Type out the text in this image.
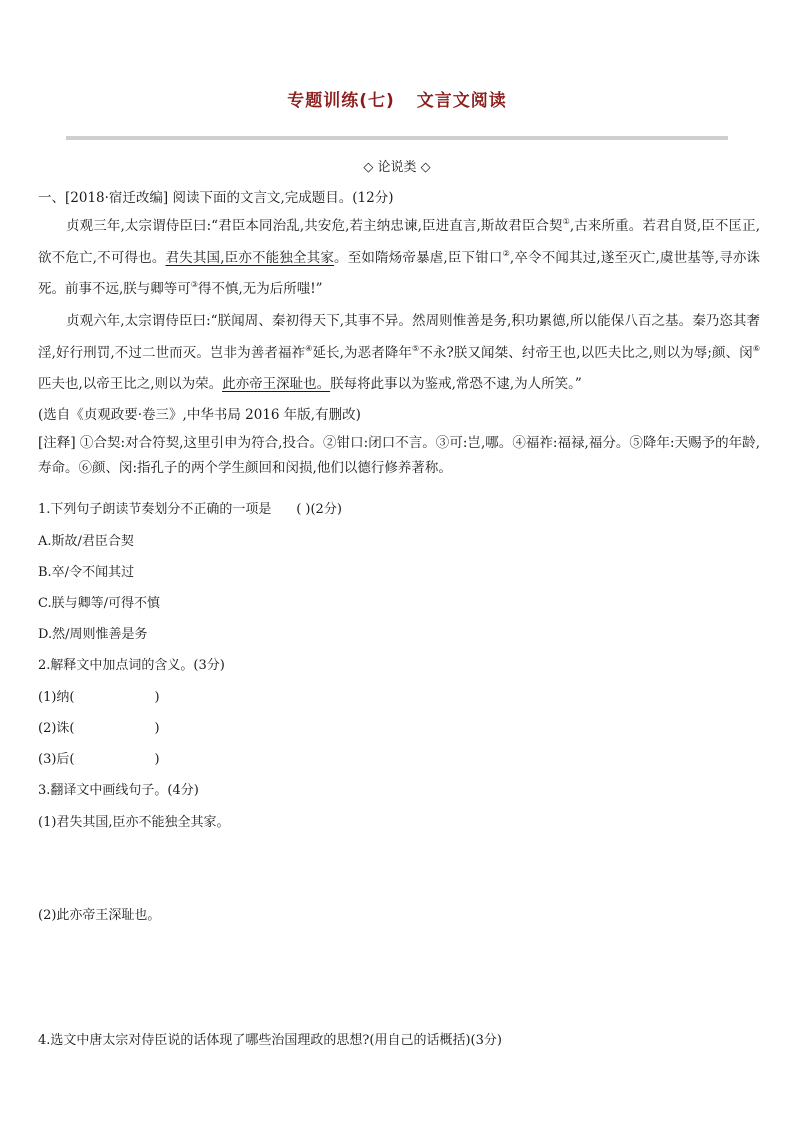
专题训练(七) 文言文阅读
◇ 论说类 ◇
一、[2018·宿迁改编] 阅读下面的文言文,完成题目。(12分)
贞观三年,太宗谓侍臣曰:“君臣本同治乱,共安危,若主纳忠谏,臣进直言,斯故君臣合契①,古来所重。若君自贤,臣不匡正,欲不危亡,不可得也。君失其国,臣亦不能独全其家。至如隋炀帝暴虐,臣下钳口②,卒令不闻其过,遂至灭亡,虞世基等,寻亦诛死。前事不远,朕与卿等可③得不慎,无为后所嗤!”
贞观六年,太宗谓侍臣曰:“朕闻周、秦初得天下,其事不异。然周则惟善是务,积功累德,所以能保八百之基。秦乃恣其奢淫,好行刑罚,不过二世而灭。岂非为善者福祚④延长,为恶者降年⑤不永?朕又闻桀、纣帝王也,以匹夫比之,则以为辱;颜、闵⑥匹夫也,以帝王比之,则以为荣。此亦帝王深耻也。朕每将此事以为鉴戒,常恐不逮,为人所笑。”
(选自《贞观政要·卷三》,中华书局 2016 年版,有删改)
[注释] ①合契:对合符契,这里引申为符合,投合。②钳口:闭口不言。③可:岂,哪。④福祚:福禄,福分。⑤降年:天赐予的年龄,寿命。⑥颜、闵:指孔子的两个学生颜回和闵损,他们以德行修养著称。
1.下列句子朗读节奏划分不正确的一项是 ( )(2分)
A.斯故/君臣合契
B.卒/令不闻其过
C.朕与卿等/可得不慎
D.然/周则惟善是务
2.解释文中加点词的含义。(3分)
(1)纳(	)
(2)诛(	)
(3)后(	)
3.翻译文中画线句子。(4分)
(1)君失其国,臣亦不能独全其家。
(2)此亦帝王深耻也。
4.选文中唐太宗对侍臣说的话体现了哪些治国理政的思想?(用自己的话概括)(3分)
